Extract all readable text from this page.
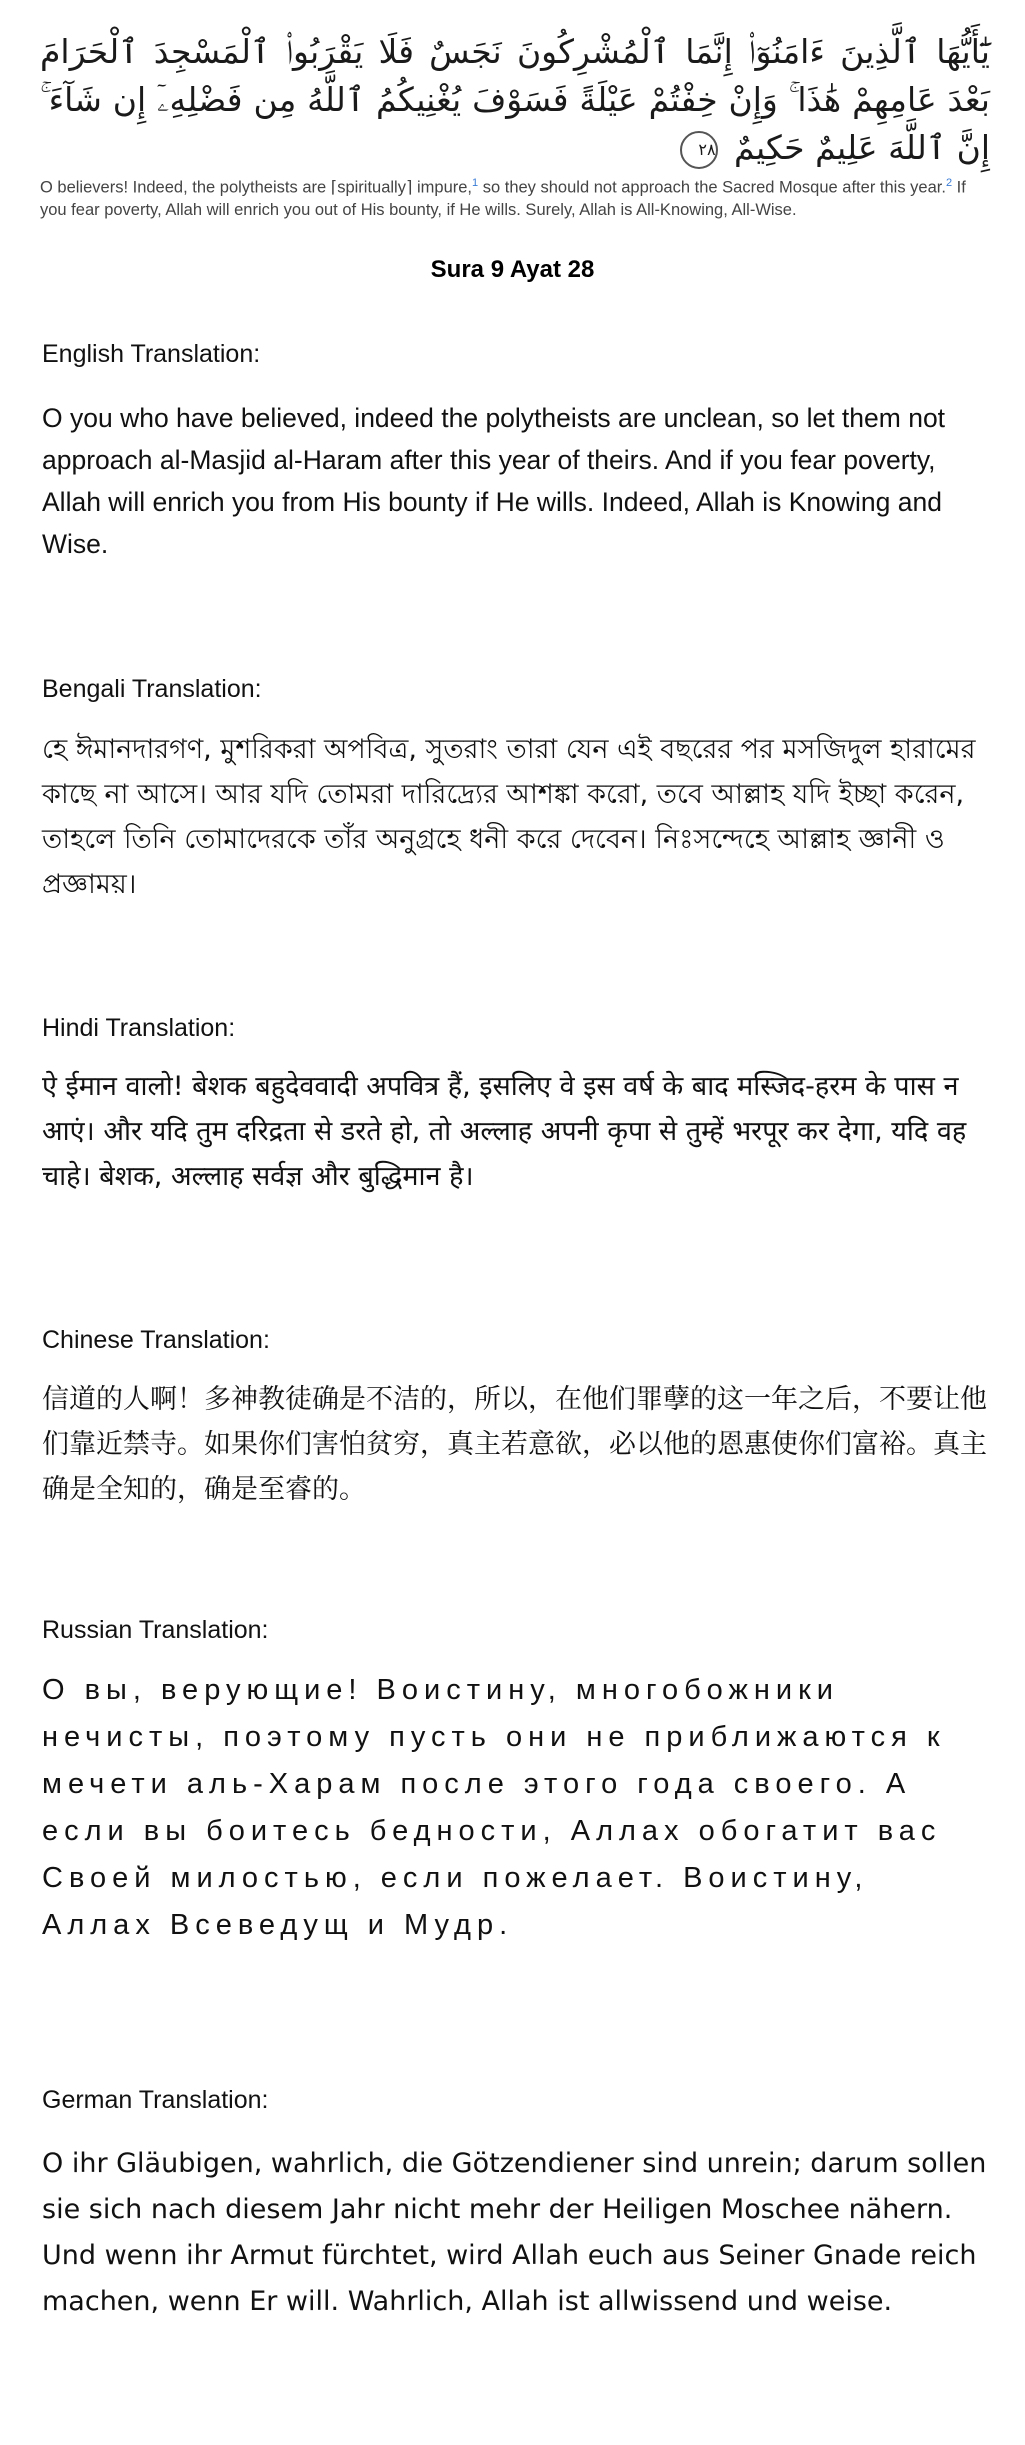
يَٰٓأَيُّهَا ٱلَّذِينَ ءَامَنُوٓا۟ إِنَّمَا ٱلْمُشْرِكُونَ نَجَسٌ فَلَا يَقْرَبُوا۟ ٱلْمَسْجِدَ ٱلْحَرَامَ بَعْدَ عَامِهِمْ هَٰذَا ۚ وَإِنْ خِفْتُمْ عَيْلَةً فَسَوْفَ يُغْنِيكُمُ ٱللَّهُ مِن فَضْلِهِۦٓ إِن شَآءَ ۚ إِنَّ ٱللَّهَ عَلِيمٌ حَكِيمٌ ٢٨
O believers! Indeed, the polytheists are ⌈spiritually⌉ impure,$^1$ so they should not approach the Sacred Mosque after this year.$^2$ If you fear poverty, Allah will enrich you out of His bounty, if He wills. Surely, Allah is All-Knowing, All-Wise.
Sura 9 Ayat 28
English Translation:
O you who have believed, indeed the polytheists are unclean, so let them not approach al-Masjid al-Haram after this year of theirs. And if you fear poverty, Allah will enrich you from His bounty if He wills. Indeed, Allah is Knowing and Wise.
Bengali Translation:
হে ঈমানদারগণ, মুশরিকরা অপবিত্র, সুতরাং তারা যেন এই বছরের পর মসজিদুল হারামের কাছে না আসে। আর যদি তোমরা দারিদ্র্যের আশঙ্কা করো, তবে আল্লাহ যদি ইচ্ছা করেন, তাহলে তিনি তোমাদেরকে তাঁর অনুগ্রহে ধনী করে দেবেন। নিঃসন্দেহে আল্লাহ জ্ঞানী ও প্রজ্ঞাময়।
Hindi Translation:
ऐ ईमान वालो! बेशक बहुदेववादी अपवित्र हैं, इसलिए वे इस वर्ष के बाद मस्जिद-हरम के पास न आएं। और यदि तुम दरिद्रता से डरते हो, तो अल्लाह अपनी कृपा से तुम्हें भरपूर कर देगा, यदि वह चाहे। बेशक, अल्लाह सर्वज्ञ और बुद्धिमान है।
Chinese Translation:
信道的人啊！多神教徒确是不洁的，所以，在他们罪孽的这一年之后，不要让他们靠近禁寺。如果你们害怕贫穷，真主若意欲，必以他的恩惠使你们富裕。真主确是全知的，确是至睿的。
Russian Translation:
О вы, верующие! Воистину, многобожники нечисты, поэтому пусть они не приближаются к мечети аль-Харам после этого года своего. А если вы боитесь бедности, Аллах обогатит вас Своей милостью, если пожелает. Воистину, Аллах Всеведущ и Мудр.
German Translation:
O ihr Gläubigen, wahrlich, die Götzendiener sind unrein; darum sollen sie sich nach diesem Jahr nicht mehr der Heiligen Moschee nähern. Und wenn ihr Armut fürchtet, wird Allah euch aus Seiner Gnade reich machen, wenn Er will. Wahrlich, Allah ist allwissend und weise.
